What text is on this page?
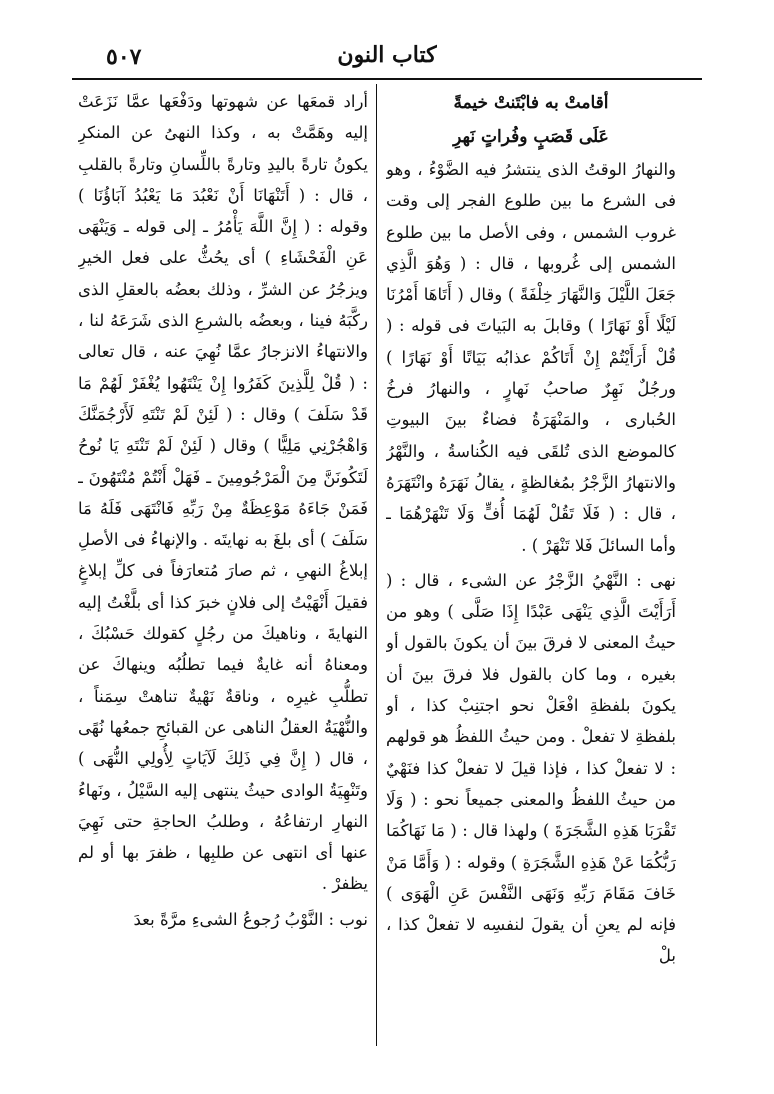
٥٠٧	كتاب النون
أقامتْ به فابْتَنتْ خيمةً
عَلَى قَصَبٍ وفُراتٍ نَهرِ

والنهارُ الوقتُ الذى ينتشرُ فيه الضَّوْءُ ، وهو فى الشرع ما بين طلوع الفجر إلى وقت غروب الشمس ، وفى الأصل ما بين طلوع الشمس إلى غُروبها ، قال : ( وَهُوَ الَّذِي جَعَلَ اللَّيْلَ وَالنَّهَارَ خِلْفَةً ) وقال ( أَتَاهَا أَمْرُنَا لَيْلًا أَوْ نَهَارًا ) وقابلَ به البَياتَ فى قوله : ( قُلْ أَرَأَيْتُمْ إِنْ أَتَاكُمْ عذابُه بَيَاتًا أَوْ نَهَارًا ) ورجُلٌ نَهِرٌ صاحبُ نَهارٍ ، والنهارُ فرخُ الحُبارى ، والمَنْهَرَةُ فضاءٌ بينَ البيوتِ كالموضع الذى تُلقَى فيه الكُناسةُ ، والنَّهْرُ والانتهارُ الزَّجْرُ بمُغالظةٍ ، يقالُ نَهَرَهُ وانْتَهَرَهُ ، قال : ( فَلَا تَقُلْ لَهُمَا أُفٍّ وَلَا تَنْهَرْهُمَا ـ وأما السائلَ فَلا تَنْهَرْ ) .

نهى : النَّهْيُ الزَّجْرُ عن الشىء ، قال : ( أَرَأَيْتَ الَّذِي يَنْهَى عَبْدًا إِذَا صَلَّى ) وهو من حيثُ المعنى لا فرقَ بينَ أن يكونَ بالقول أو بغيره ، وما كان بالقول فلا فرقَ بينَ أن يكونَ بلفظةِ افْعَلْ نحو اجتنِبْ كذا ، أو بلفظةِ لا تفعلْ . ومن حيثُ اللفظُ هو قولهم : لا تفعلْ كذا ، فإذا قيلَ لا تفعلْ كذا فنَهْيٌ من حيثُ اللفظُ والمعنى جميعاً نحو : ( وَلَا تَقْرَبَا هَذِهِ الشَّجَرَةَ ) ولهذا قال : ( مَا نَهَاكُمَا رَبُّكُمَا عَنْ هَذِهِ الشَّجَرَةِ ) وقوله : ( وَأَمَّا مَنْ خَافَ مَقَامَ رَبِّهِ وَنَهَى النَّفْسَ عَنِ الْهَوَى ) فإنه لم يعنِ أن يقولَ لنفسِه لا تفعلْ كذا ، بلْ

أراد قمعَها عن شهوتها ودَفْعَها عمَّا نَزَعَتْ إليه وهَمَّتْ به ، وكذا النهىُ عن المنكرِ يكونُ تارةً باليدِ وتارةً باللِّسانِ وتارةً بالقلبِ ، قال : ( أَتَنْهَانَا أَنْ نَعْبُدَ مَا يَعْبُدُ آبَاؤُنَا ) وقوله : ( إِنَّ اللَّهَ يَأْمُرُ ـ إلى قوله ـ وَيَنْهَى عَنِ الْفَحْشَاءِ ) أى يحُثُّ على فعل الخيرِ ويزجُرُ عن الشرِّ ، وذلك بعضُه بالعقلِ الذى ركَّبَهُ فينا ، وبعضُه بالشرعِ الذى شَرَعَهُ لنا ، والانتهاءُ الانزجارُ عمَّا نُهِيَ عنه ، قال تعالى : ( قُلْ لِلَّذِينَ كَفَرُوا إِنْ يَنْتَهُوا يُغْفَرْ لَهُمْ مَا قَدْ سَلَفَ ) وقال : ( لَئِنْ لَمْ تَنْتَهِ لَأَرْجُمَنَّكَ وَاهْجُرْنِي مَلِيًّا ) وقال ( لَئِنْ لَمْ تَنْتَهِ يَا نُوحُ لَتَكُونَنَّ مِنَ الْمَرْجُومِينَ ـ فَهَلْ أَنْتُمْ مُنْتَهُونَ ـ فَمَنْ جَاءَهُ مَوْعِظَةٌ مِنْ رَبِّهِ فَانْتَهَى فَلَهُ مَا سَلَفَ ) أى بلغَ به نهايتَه . والإنهاءُ فى الأصلِ إبلاغُ النهىِ ، ثم صارَ مُتعارَفاً فى كلِّ إبلاغٍ فقيلَ أَنْهَيْتُ إلى فلانٍ خبرَ كذا أى بلَّغْتُ إليه النهايةَ ، وناهيكَ من رجُلٍ كقولك حَسْبُكَ ، ومعناهُ أنه غايةٌ فيما تطلُبُه وينهاكَ عن تطلُّبِ غيرِه ، وناقةٌ نَهْيةٌ تناهتْ سِمَناً ، والنُّهْيَةُ العقلُ الناهى عن القبائحِ جمعُها نُهًى ، قال ( إِنَّ فِي ذَلِكَ لَآيَاتٍ لِأُولِي النُّهَى ) وتَنْهِيَةُ الوادى حيثُ ينتهى إليه السَّيْلُ ، ونَهاءُ النهارِ ارتفاعُهُ ، وطلبُ الحاجةِ حتى نَهِيَ عنها أى انتهى عن طلبِها ، ظفرَ بها أو لم يظفرْ .

نوب : النَّوْبُ رُجوعُ الشىءِ مرَّةً بعدَ
